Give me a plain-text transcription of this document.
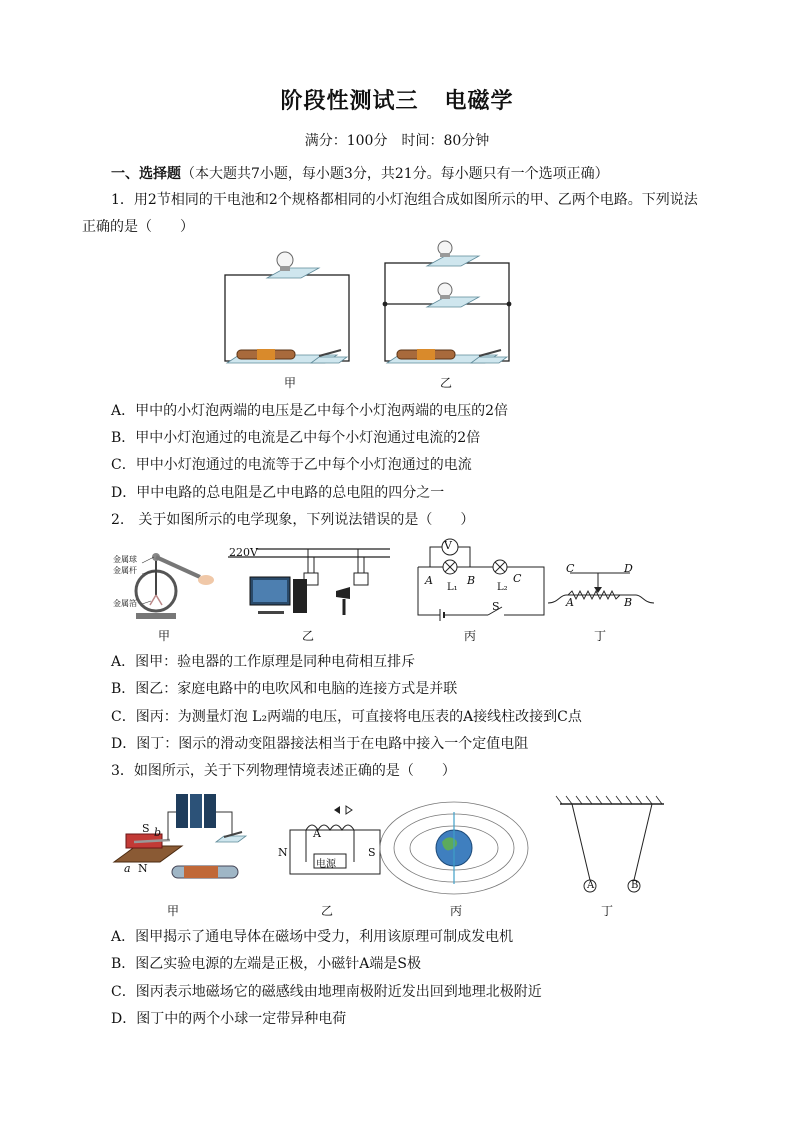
阶段性测试三 电磁学
满分：100分 时间：80分钟
一、选择题（本大题共7小题，每小题3分，共21分。每小题只有一个选项正确）
1．用2节相同的干电池和2个规格都相同的小灯泡组合成如图所示的甲、乙两个电路。下列说法
正确的是（　　）
甲	乙
A．甲中的小灯泡两端的电压是乙中每个小灯泡两端的电压的2倍
B．甲中小灯泡通过的电流是乙中每个小灯泡通过电流的2倍
C．甲中小灯泡通过的电流等于乙中每个小灯泡通过的电流
D．甲中电路的总电阻是乙中电路的总电阻的四分之一
2.　关于如图所示的电学现象，下列说法错误的是（　　）
V
A	B	C
L₁	L₂
S
C	D
A	B
220V
金属球
金属杆
金属箔
甲	乙	丙	丁
A．图甲：验电器的工作原理是同种电荷相互排斥
B．图乙：家庭电路中的电吹风和电脑的连接方式是并联
C．图丙：为测量灯泡 L₂两端的电压，可直接将电压表的A接线柱改接到C点
D．图丁：图示的滑动变阻器接法相当于在电路中接入一个定值电阻
3．如图所示，关于下列物理情境表述正确的是（　　）
S
N
a
b	A
N	S
电源
A	B
甲	乙	丙	丁
A．图甲揭示了通电导体在磁场中受力，利用该原理可制成发电机
B．图乙实验电源的左端是正极，小磁针A端是S极
C．图丙表示地磁场它的磁感线由地理南极附近发出回到地理北极附近
D．图丁中的两个小球一定带异种电荷
